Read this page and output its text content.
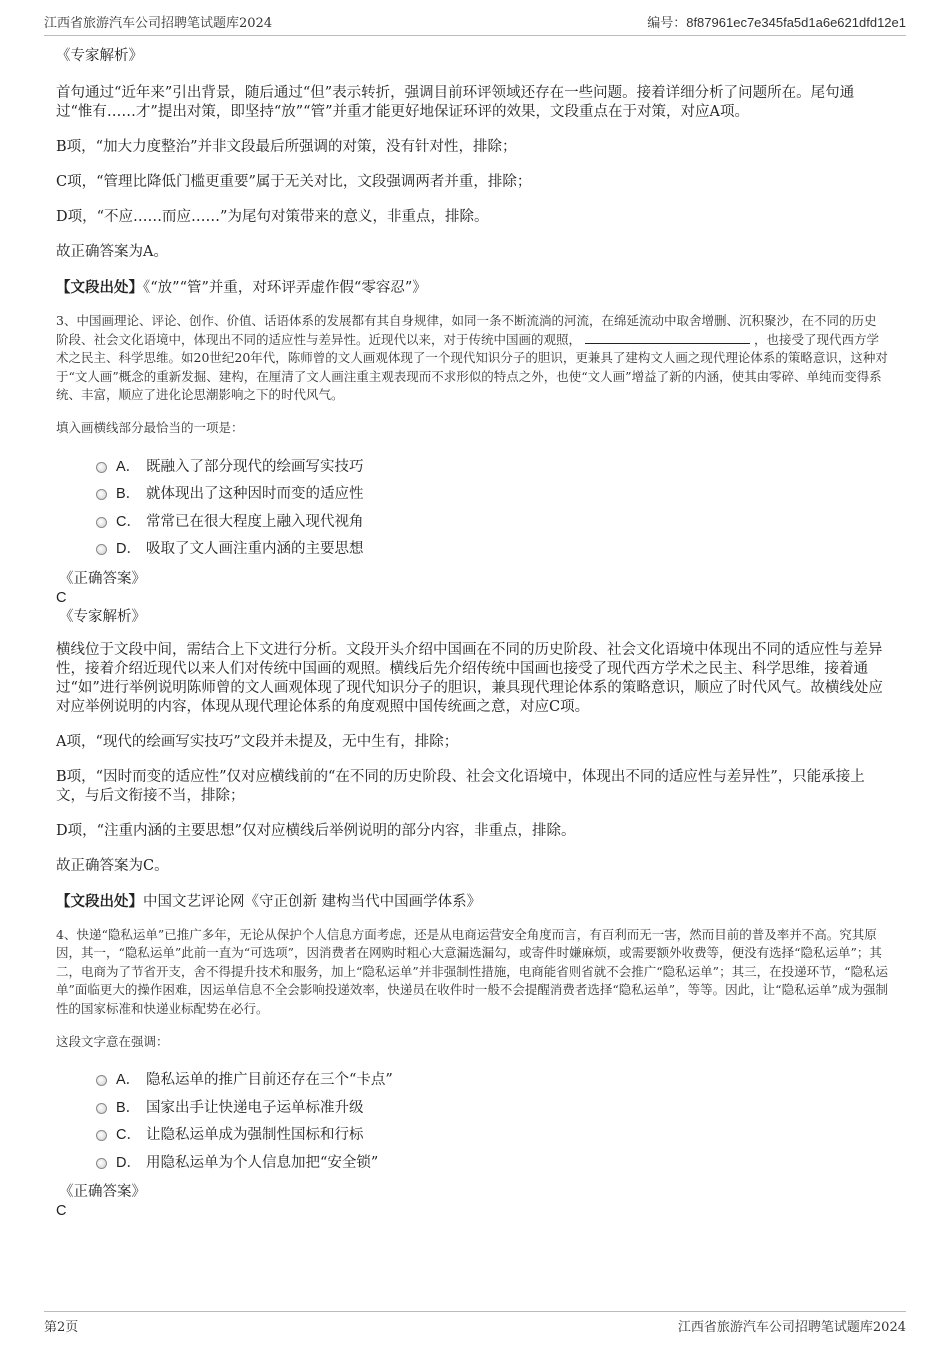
江西省旅游汽车公司招聘笔试题库2024	编号：8f87961ec7e345fa5d1a6e621dfd12e1

《专家解析》

首句通过“近年来”引出背景，随后通过“但”表示转折，强调目前环评领域还存在一些问题。接着详细分析了问题所在。尾句通过“惟有……才”提出对策，即坚持“放”“管”并重才能更好地保证环评的效果，文段重点在于对策，对应A项。

B项，“加大力度整治”并非文段最后所强调的对策，没有针对性，排除；

C项，“管理比降低门槛更重要”属于无关对比，文段强调两者并重，排除；

D项，“不应……而应……”为尾句对策带来的意义，非重点，排除。

故正确答案为A。

【文段出处】《“放”“管”并重，对环评弄虚作假“零容忍”》

3、中国画理论、评论、创作、价值、话语体系的发展都有其自身规律，如同一条不断流淌的河流，在绵延流动中取舍增删、沉积聚沙，在不同的历史阶段、社会文化语境中，体现出不同的适应性与差异性。近现代以来，对于传统中国画的观照，	，也接受了现代西方学术之民主、科学思维。如20世纪20年代，陈师曾的文人画观体现了一个现代知识分子的胆识，更兼具了建构文人画之现代理论体系的策略意识，这种对于“文人画”概念的重新发掘、建构，在厘清了文人画注重主观表现而不求形似的特点之外，也使“文人画”增益了新的内涵，使其由零碎、单纯而变得系统、丰富，顺应了进化论思潮影响之下的时代风气。

填入画横线部分最恰当的一项是：

A． 既融入了部分现代的绘画写实技巧
B． 就体现出了这种因时而变的适应性
C． 常常已在很大程度上融入现代视角
D． 吸取了文人画注重内涵的主要思想

《正确答案》

C

《专家解析》

横线位于文段中间，需结合上下文进行分析。文段开头介绍中国画在不同的历史阶段、社会文化语境中体现出不同的适应性与差异性，接着介绍近现代以来人们对传统中国画的观照。横线后先介绍传统中国画也接受了现代西方学术之民主、科学思维，接着通过“如”进行举例说明陈师曾的文人画观体现了现代知识分子的胆识，兼具现代理论体系的策略意识，顺应了时代风气。故横线处应对应举例说明的内容，体现从现代理论体系的角度观照中国传统画之意，对应C项。

A项，“现代的绘画写实技巧”文段并未提及，无中生有，排除；

B项，“因时而变的适应性”仅对应横线前的“在不同的历史阶段、社会文化语境中，体现出不同的适应性与差异性”，只能承接上文，与后文衔接不当，排除；

D项，“注重内涵的主要思想”仅对应横线后举例说明的部分内容，非重点，排除。

故正确答案为C。

【文段出处】中国文艺评论网《守正创新 建构当代中国画学体系》

4、快递“隐私运单”已推广多年，无论从保护个人信息方面考虑，还是从电商运营安全角度而言，有百利而无一害，然而目前的普及率并不高。究其原因，其一，“隐私运单”此前一直为“可选项”，因消费者在网购时粗心大意漏选漏勾，或寄件时嫌麻烦，或需要额外收费等，便没有选择“隐私运单”；其二，电商为了节省开支，舍不得提升技术和服务，加上“隐私运单”并非强制性措施，电商能省则省就不会推广“隐私运单”；其三，在投递环节，“隐私运单”面临更大的操作困难，因运单信息不全会影响投递效率，快递员在收件时一般不会提醒消费者选择“隐私运单”，等等。因此，让“隐私运单”成为强制性的国家标准和快递业标配势在必行。

这段文字意在强调：

A． 隐私运单的推广目前还存在三个“卡点”
B． 国家出手让快递电子运单标准升级
C． 让隐私运单成为强制性国标和行标
D． 用隐私运单为个人信息加把“安全锁”

《正确答案》

C

第2页	江西省旅游汽车公司招聘笔试题库2024
